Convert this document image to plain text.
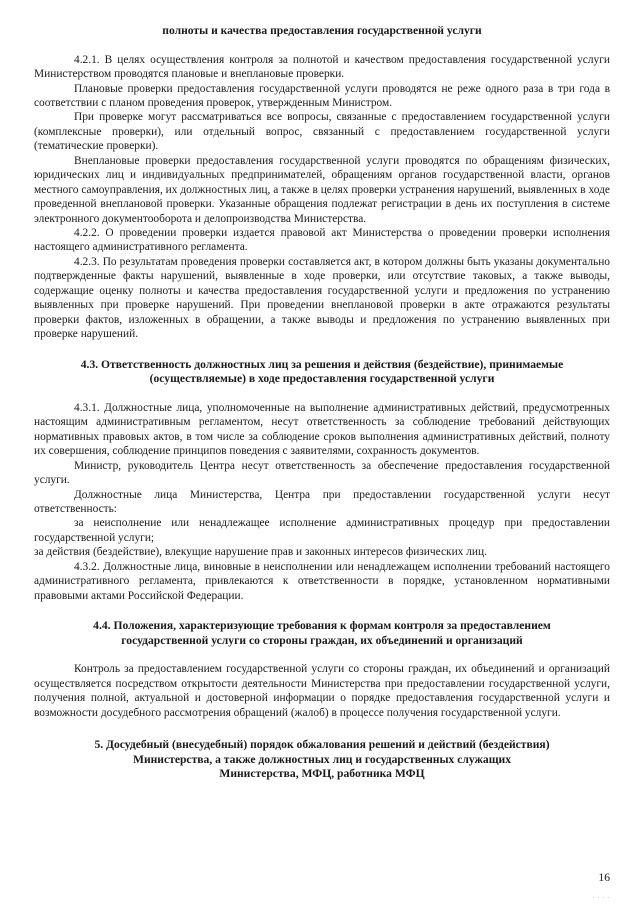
полноты и качества предоставления государственной услуги

4.2.1. В целях осуществления контроля за полнотой и качеством предоставления государственной услуги Министерством проводятся плановые и внеплановые проверки.

Плановые проверки предоставления государственной услуги проводятся не реже одного раза в три года в соответствии с планом проведения проверок, утвержденным Министром.

При проверке могут рассматриваться все вопросы, связанные с предоставлением государственной услуги (комплексные проверки), или отдельный вопрос, связанный с предоставлением государственной услуги (тематические проверки).

Внеплановые проверки предоставления государственной услуги проводятся по обращениям физических, юридических лиц и индивидуальных предпринимателей, обращениям органов государственной власти, органов местного самоуправления, их должностных лиц, а также в целях проверки устранения нарушений, выявленных в ходе проведенной внеплановой проверки. Указанные обращения подлежат регистрации в день их поступления в системе электронного документооборота и делопроизводства Министерства.

4.2.2. О проведении проверки издается правовой акт Министерства о проведении проверки исполнения настоящего административного регламента.

4.2.3. По результатам проведения проверки составляется акт, в котором должны быть указаны документально подтвержденные факты нарушений, выявленные в ходе проверки, или отсутствие таковых, а также выводы, содержащие оценку полноты и качества предоставления государственной услуги и предложения по устранению выявленных при проверке нарушений. При проведении внеплановой проверки в акте отражаются результаты проверки фактов, изложенных в обращении, а также выводы и предложения по устранению выявленных при проверке нарушений.

4.3. Ответственность должностных лиц за решения и действия (бездействие), принимаемые (осуществляемые) в ходе предоставления государственной услуги

4.3.1. Должностные лица, уполномоченные на выполнение административных действий, предусмотренных настоящим административным регламентом, несут ответственность за соблюдение требований действующих нормативных правовых актов, в том числе за соблюдение сроков выполнения административных действий, полноту их совершения, соблюдение принципов поведения с заявителями, сохранность документов.

Министр, руководитель Центра несут ответственность за обеспечение предоставления государственной услуги.

Должностные лица Министерства, Центра при предоставлении государственной услуги несут ответственность:

за неисполнение или ненадлежащее исполнение административных процедур при предоставлении государственной услуги;

за действия (бездействие), влекущие нарушение прав и законных интересов физических лиц.

4.3.2. Должностные лица, виновные в неисполнении или ненадлежащем исполнении требований настоящего административного регламента, привлекаются к ответственности в порядке, установленном нормативными правовыми актами Российской Федерации.

4.4. Положения, характеризующие требования к формам контроля за предоставлением государственной услуги со стороны граждан, их объединений и организаций

Контроль за предоставлением государственной услуги со стороны граждан, их объединений и организаций осуществляется посредством открытости деятельности Министерства при предоставлении государственной услуги, получения полной, актуальной и достоверной информации о порядке предоставления государственной услуги и возможности досудебного рассмотрения обращений (жалоб) в процессе получения государственной услуги.

5. Досудебный (внесудебный) порядок обжалования решений и действий (бездействия) Министерства, а также должностных лиц и государственных служащих Министерства, МФЦ, работника МФЦ
16
. . . .
